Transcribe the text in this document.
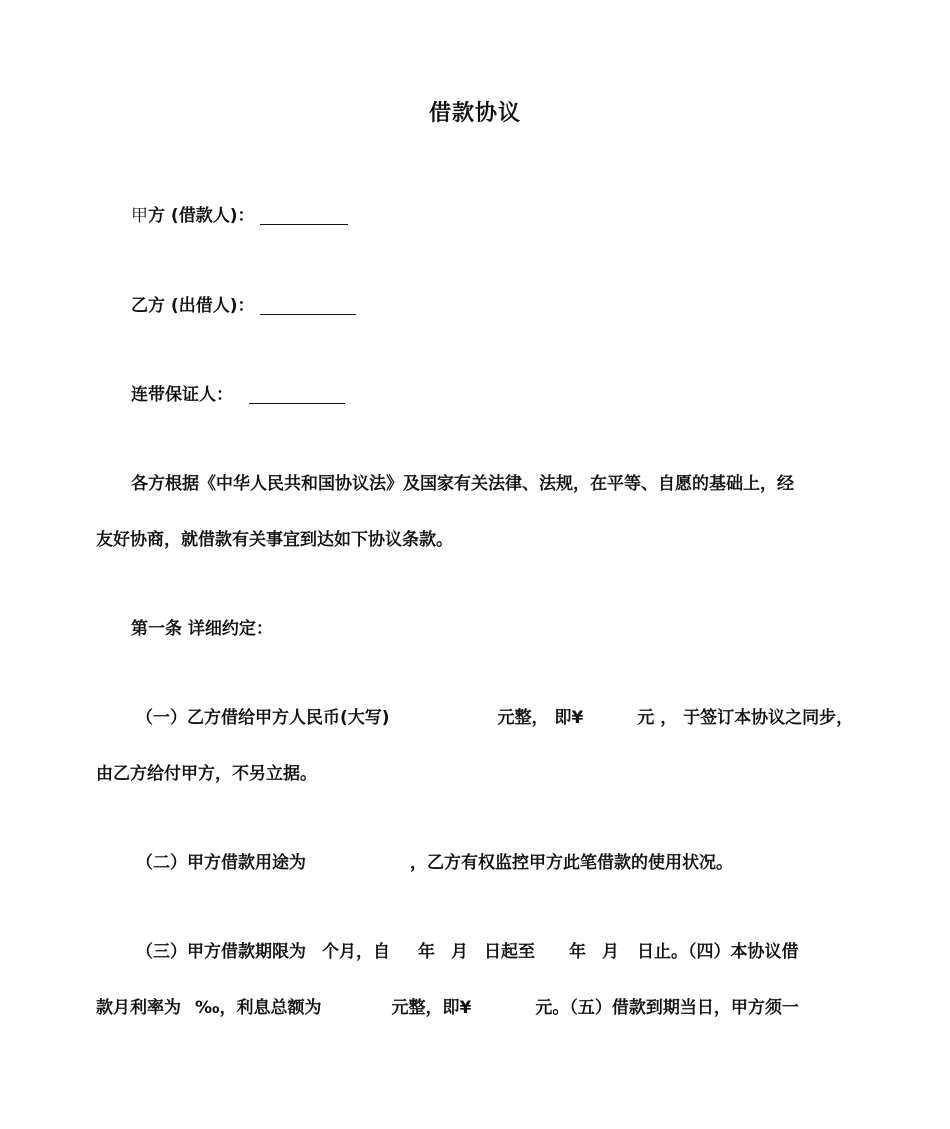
借款协议
甲方 (借款人)：
乙方 (出借人)：
连带保证人：
各方根据《中华人民共和国协议法》及国家有关法律、法规，在平等、自愿的基础上，经
友好协商，就借款有关事宜到达如下协议条款。
第一条 详细约定：
（一）乙方借给甲方人民币(大写)	元整， 即¥	元 ， 于签订本协议之同步，
由乙方给付甲方，不另立据。
（二）甲方借款用途为	，乙方有权监控甲方此笔借款的使用状况。
（三）甲方借款期限为 个月，自 年 月 日起至 年 月 日止。（四）本协议借
款月利率为 ‰，利息总额为	元整，即¥	元。（五）借款到期当日，甲方须一
